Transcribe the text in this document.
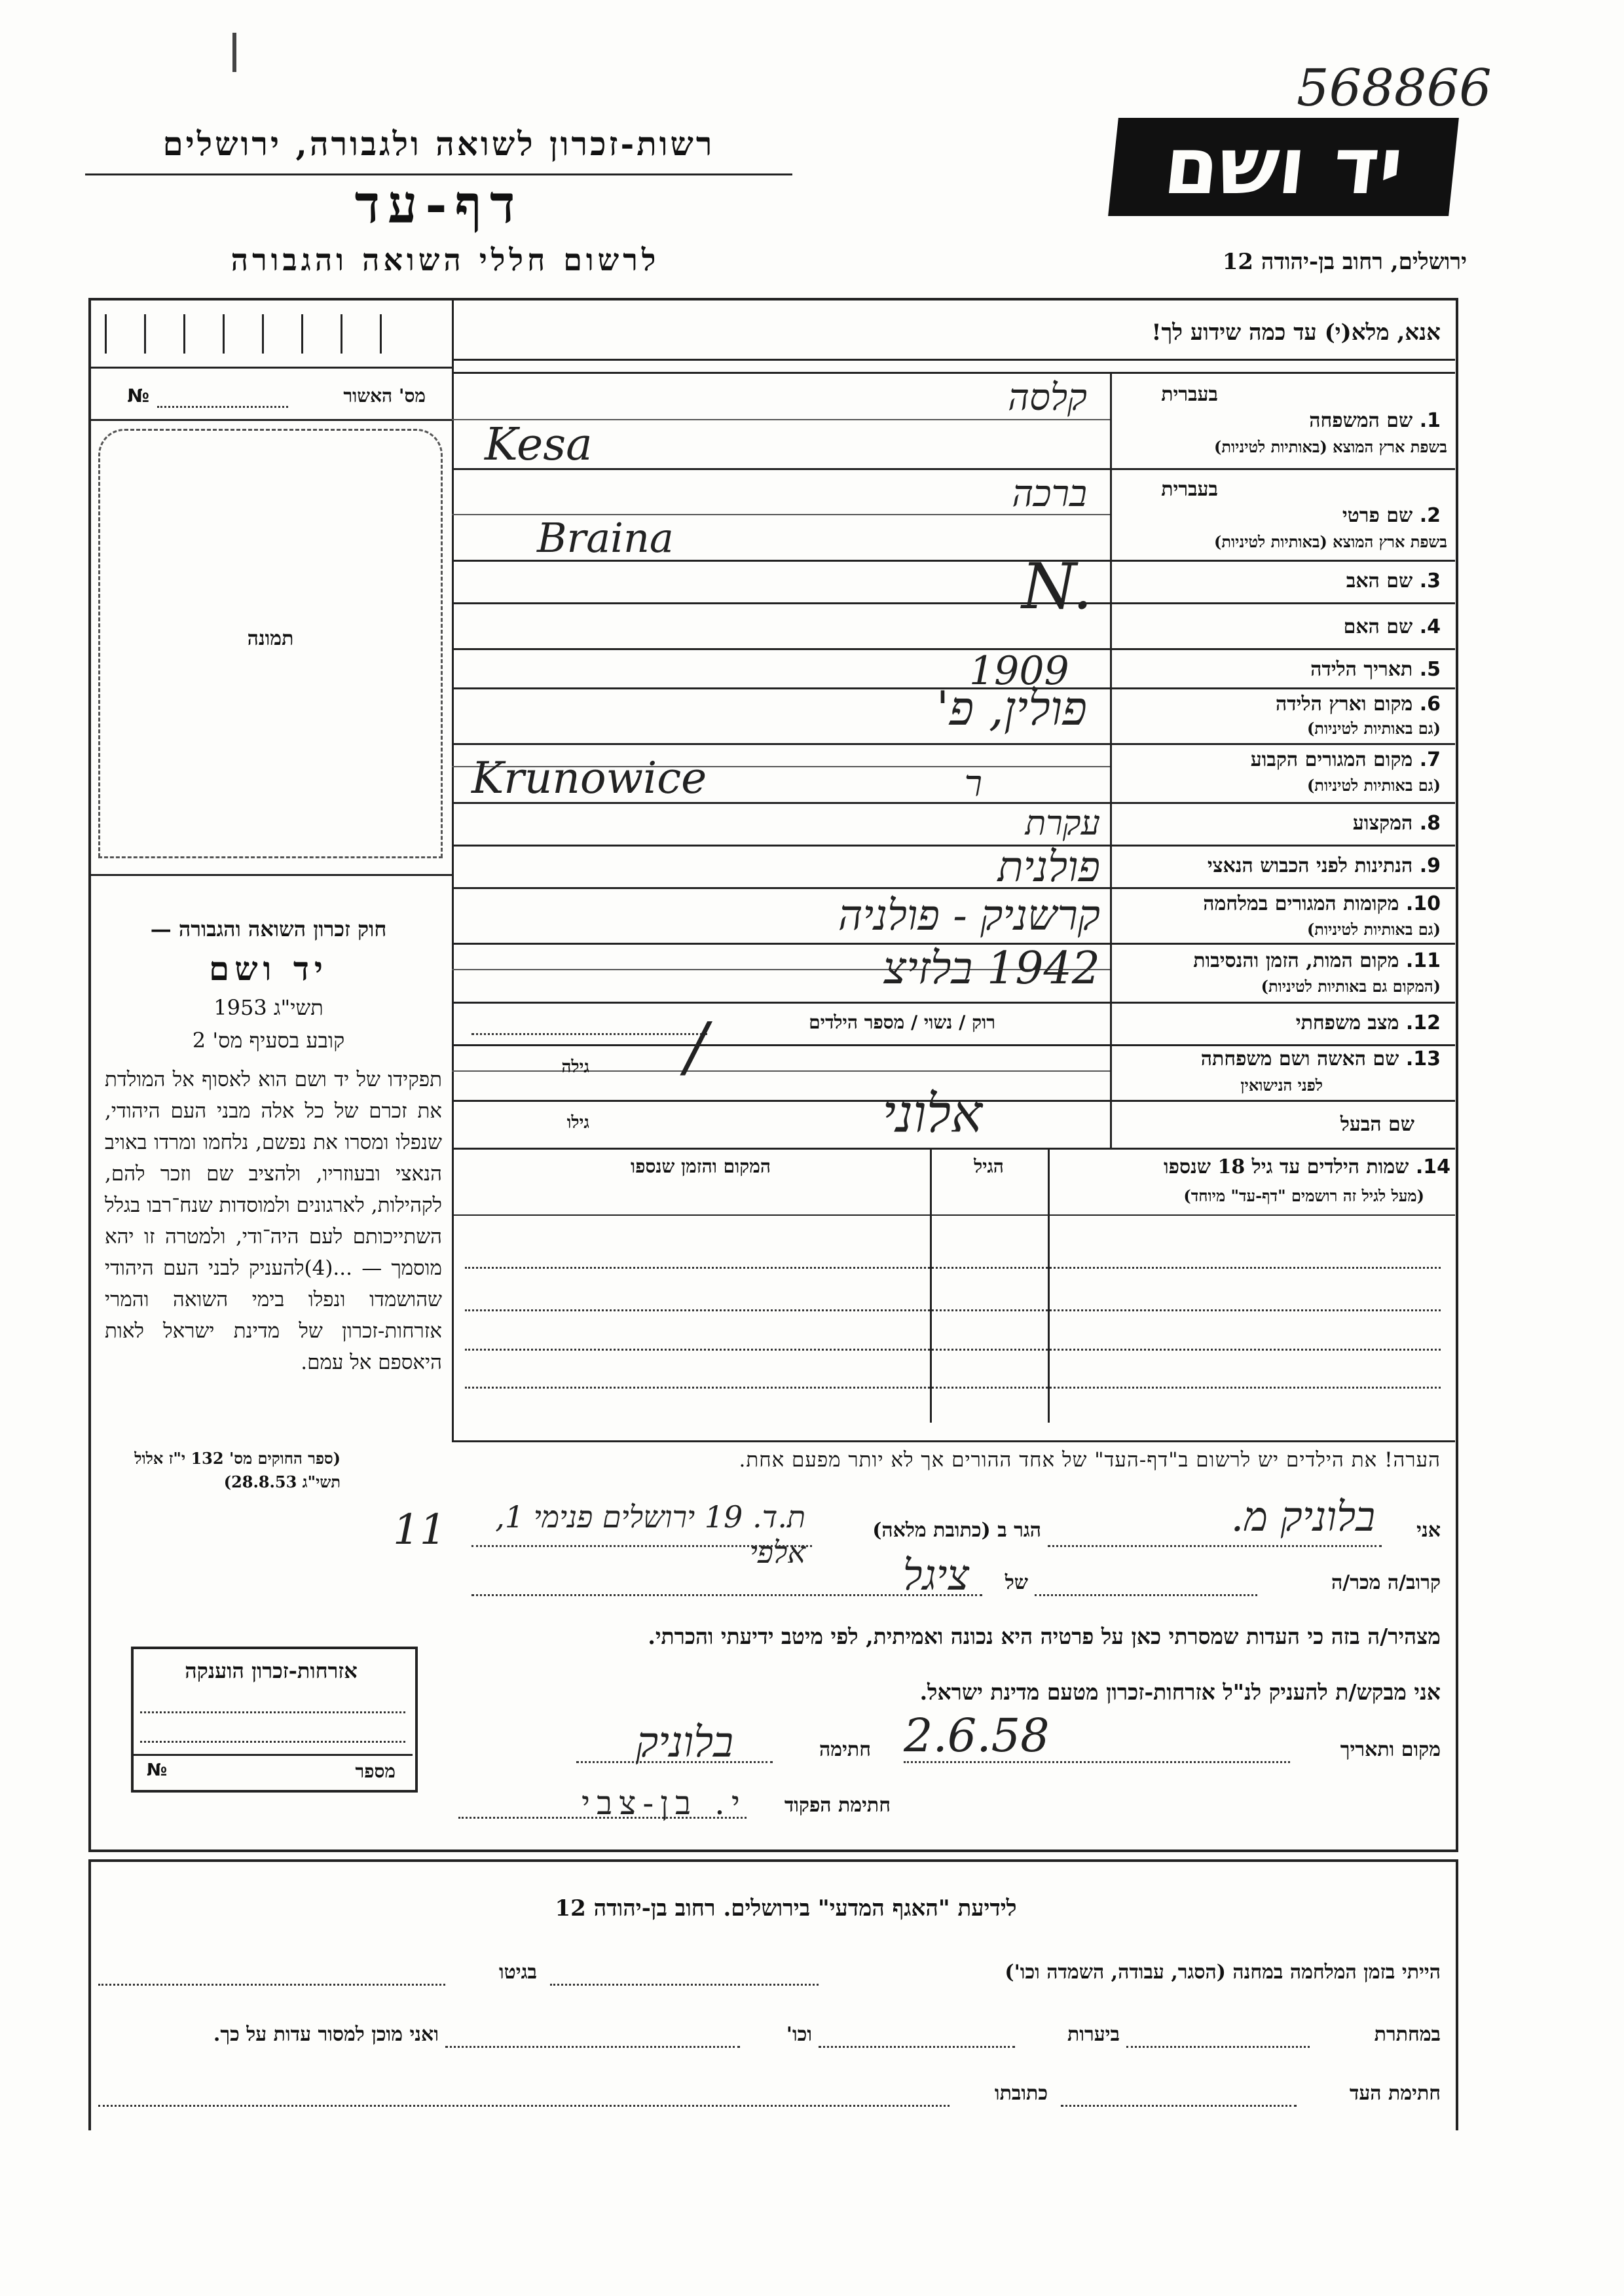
568866
יד ושם
רשות-זכרון לשואה ולגבורה, ירושלים
דף-עד
לרשום חללי השואה והגבורה	ירושלים, רחוב בן-יהודה 12
אנא, מלא(י) עד כמה שידוע לך!
מס' האשור
№
תמונה
חוק זכרון השואה והגבורה —
יד ושם
תשי"ג 1953
קובע בסעיף מס' 2
תפקידו של יד ושם הוא לאסוף אל המולדת את זכרם של כל אלה מבני העם היהודי, שנפלו ומסרו את נפשם, נלחמו ומרדו באויב הנאצי ובעוזריו, ולהציב שם וזכר להם, לקהילות, לארגונים ולמוסדות שנח־רבו בגלל השתייכותם לעם היה־ודי, ולמטרה זו יהא מוסמך — ...(4)להעניק לבני העם היהודי שהושמדו ונפלו בימי השואה והמרי אזרחות-זכרון של מדינת ישראל לאות היאספם אל עמם.
(ספר החוקים מס' 132 י"ז אלול תשי"ג 28.8.53)
אזרחות-זכרון הוענקה
מספר
№
בעברית
1. שם המשפחה
בשפת ארץ המוצא (באותיות לטיניות)
קלסה
Kesa
בעברית
2. שם פרטי
בשפת ארץ המוצא (באותיות לטיניות)
ברכה
Braina
3. שם האב
N.
4. שם האם
5. תאריך הלידה
1909
6. מקום וארץ הלידה
(גם באותיות לטיניות)
פולין, פ'
7. מקום המגורים הקבוע
(גם באותיות לטיניות)
Krunowice	ר
8. המקצוע
עקרת
9. הנתינות לפני הכבוש הנאצי
פולנית
10. מקומות המגורים במלחמה
(גם באותיות לטיניות)
קרשניק - פולניה
11. מקום המות, הזמן והנסיבות
(המקום גם באותיות לטיניות)
1942 בלזיצ
12. מצב משפחתי
רוק / נשוי / מספר הילדים
/	13. שם האשה ושם משפחתה
לפני הנישואין
גילה
שם הבעל
גילו	אלוני
14. שמות הילדים עד גיל 18 שנספו
(מעל לגיל זה רושמים "דף-עד" מיוחד)
הגיל
המקום והזמן שנספו
הערה! את הילדים יש לרשום ב"דף-העד" של אחד ההורים אך לא יותר מפעם אחת.
אני
בלוניק מ.
הגר ב (כתובת מלאה)
ת.ד. 19 ירושלים פנימי 1, אלפי
11
קרוב/ה מכר/ה
של
ציגל
מצהיר/ה בזה כי העדות שמסרתי כאן על פרטיה היא נכונה ואמיתית, לפי מיטב ידיעתי והכרתי.
אני מבקש/ת להעניק לנ"ל אזרחות-זכרון מטעם מדינת ישראל.
מקום ותאריך
2.6.58
חתימה
בלוניק
חתימת הפקוד
י. בן-צבי
לידיעת "האגף המדעי" בירושלים. רחוב בן-יהודה 12
הייתי בזמן המלחמה במחנה (הסגר, עבודה, השמדה וכו')
בגיטו
במחתרת
ביערות
וכו'
ואני מוכן למסור עדות על כך.
חתימת העד
כתובתו
